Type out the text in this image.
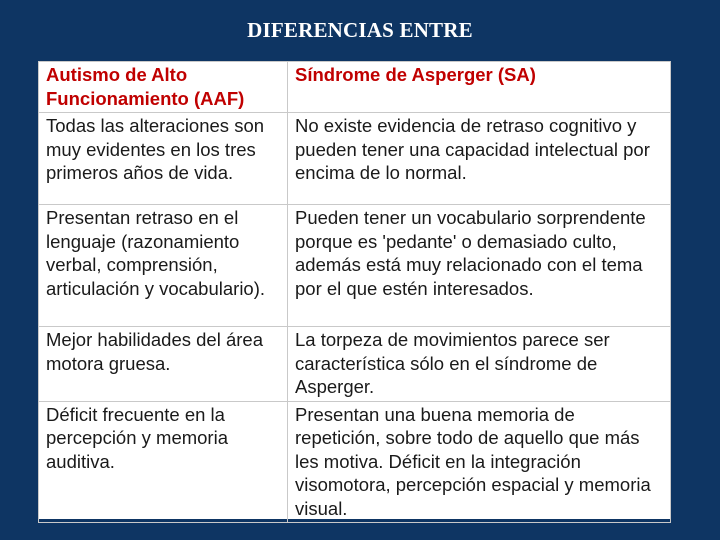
DIFERENCIAS ENTRE
Autismo de Alto Funcionamiento (AAF)	Síndrome de Asperger (SA)
Todas las alteraciones son muy evidentes en los tres primeros años de vida.	No existe evidencia de retraso cognitivo y pueden tener una capacidad intelectual por encima de lo normal.
Presentan retraso en el lenguaje (razonamiento verbal, comprensión, articulación y vocabulario).	Pueden tener un vocabulario sorprendente porque es 'pedante' o demasiado culto, además está muy relacionado con el tema por el que estén interesados.
Mejor habilidades del área motora gruesa.	La torpeza de movimientos parece ser característica sólo en el síndrome de Asperger.
Déficit frecuente en la percepción y memoria auditiva.	Presentan una buena memoria de repetición, sobre todo de aquello que más les motiva. Déficit en la integración visomotora, percepción espacial y memoria visual.
